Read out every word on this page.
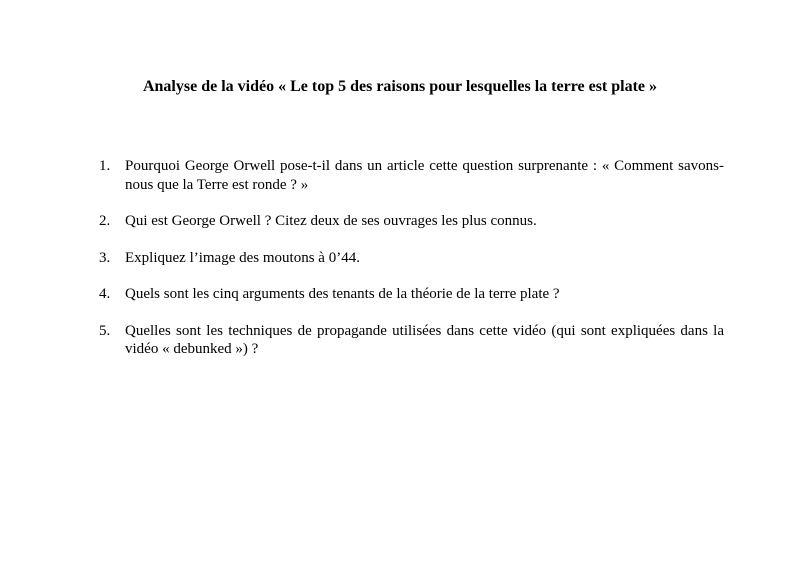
Analyse de la vidéo « Le top 5 des raisons pour lesquelles la terre est plate »
1. Pourquoi George Orwell pose-t-il dans un article cette question surprenante : « Comment savons-nous que la Terre est ronde ? »
2. Qui est George Orwell ? Citez deux de ses ouvrages les plus connus.
3. Expliquez l’image des moutons à 0’44.
4. Quels sont les cinq arguments des tenants de la théorie de la terre plate ?
5. Quelles sont les techniques de propagande utilisées dans cette vidéo (qui sont expliquées dans la vidéo « debunked ») ?
